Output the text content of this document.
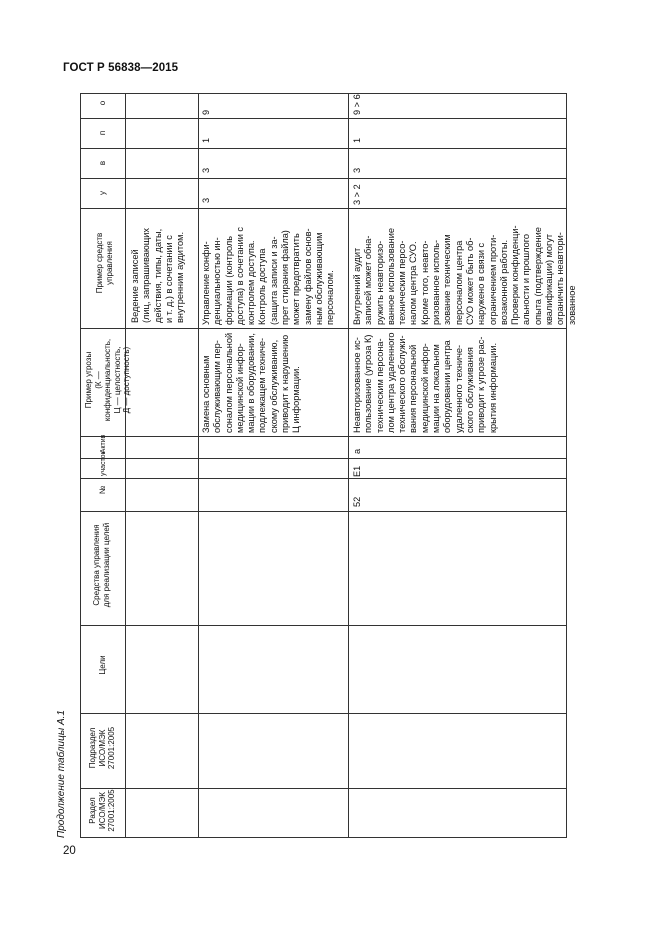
ГОСТ Р 56838—2015
Продолжение таблицы А.1
20
о
п
в
у
Пример средств управления
Пример угрозы (К — конфиденциальность, Ц — целостность, Д — доступность)
Актив
участок
№
Средства управления для реализации целей
Цели
Подраздел ИСО/МЭК 27001:2005
Раздел ИСО/МЭК 27001:2005
Ведение записей (лиц, запрашивающих действия, типы, даты, и т. д.) в сочетании с внутренним аудитом.
9
1
3
3
Управление конфи- денциальностью ин- формации (контроль доступа) в сочетании с контролем доступа. Контроль доступа (защита записи и за- прет стирания файла) может предотвратить замену файлов основ- ным обслуживающим персоналом.
Замена основным обслуживающим пер- соналом персональной медицинской инфор- мации в оборудовании, подлежащем техниче- скому обслуживанию, приводит к нарушению Ц информации.
9 > 6
1
3
3 > 2
Внутренний аудит записей может обна- ружить неавторизо- ванное использование техническим персо- налом центра СУО. Кроме того, неавто- ризованное исполь- зование техническим персоналом центра СУО может быть об- наружено в связи с ограничением проти- возаконной работы. Проверки конфиденци- альности и прошлого опыта (подтверждение квалификации) могут ограничить неавтори- зованное
Неавторизованное ис- пользование (угроза К) техническим персона- лом центра удаленного технического обслужи- вания персональной медицинской инфор- мации на локальном оборудовании центра удаленного техниче- ского обслуживания приводит к угрозе рас- крытия информации.
а
Е1
52
